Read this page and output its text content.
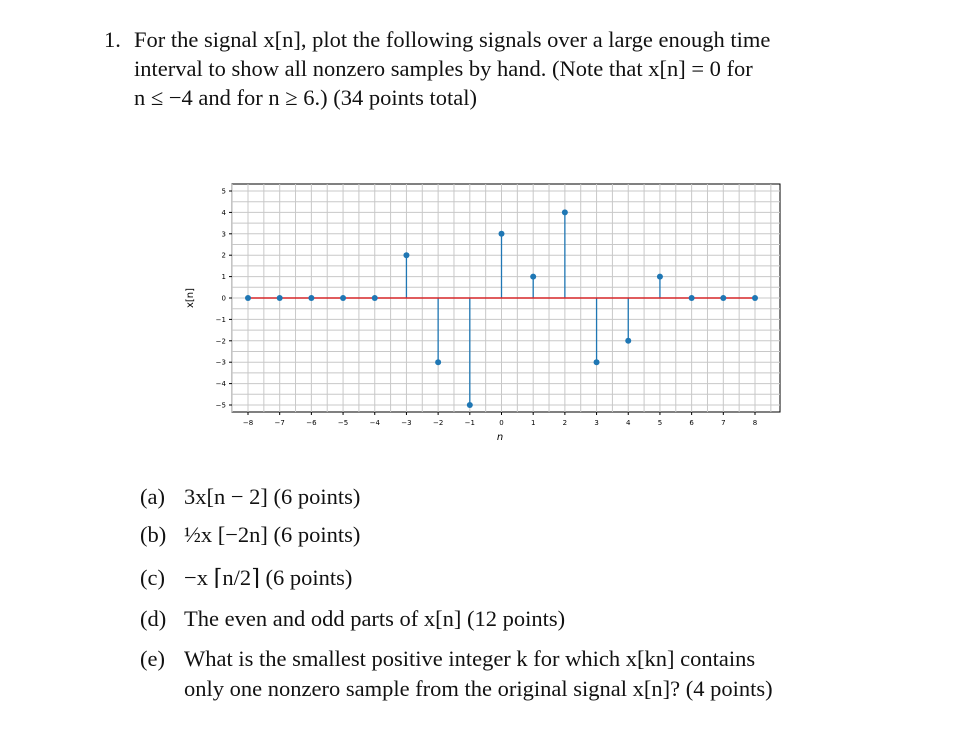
1. For the signal x[n], plot the following signals over a large enough time
interval to show all nonzero samples by hand. (Note that x[n] = 0 for
n ≤ −4 and for n ≥ 6.) (34 points total)
−8	−7	−6	−5	−4	−3	−2	−1	0	1	2	3	4	5	6	7	8
−5
−4
−3
−2
−1
0
1
2
3
4
5
n
x[n]
(a) 3x[n − 2] (6 points)
(b) ½x [−2n] (6 points)
(c) −x ⌈n/2⌉ (6 points)
(d) The even and odd parts of x[n] (12 points)
(e) What is the smallest positive integer k for which x[kn] contains
only one nonzero sample from the original signal x[n]? (4 points)
